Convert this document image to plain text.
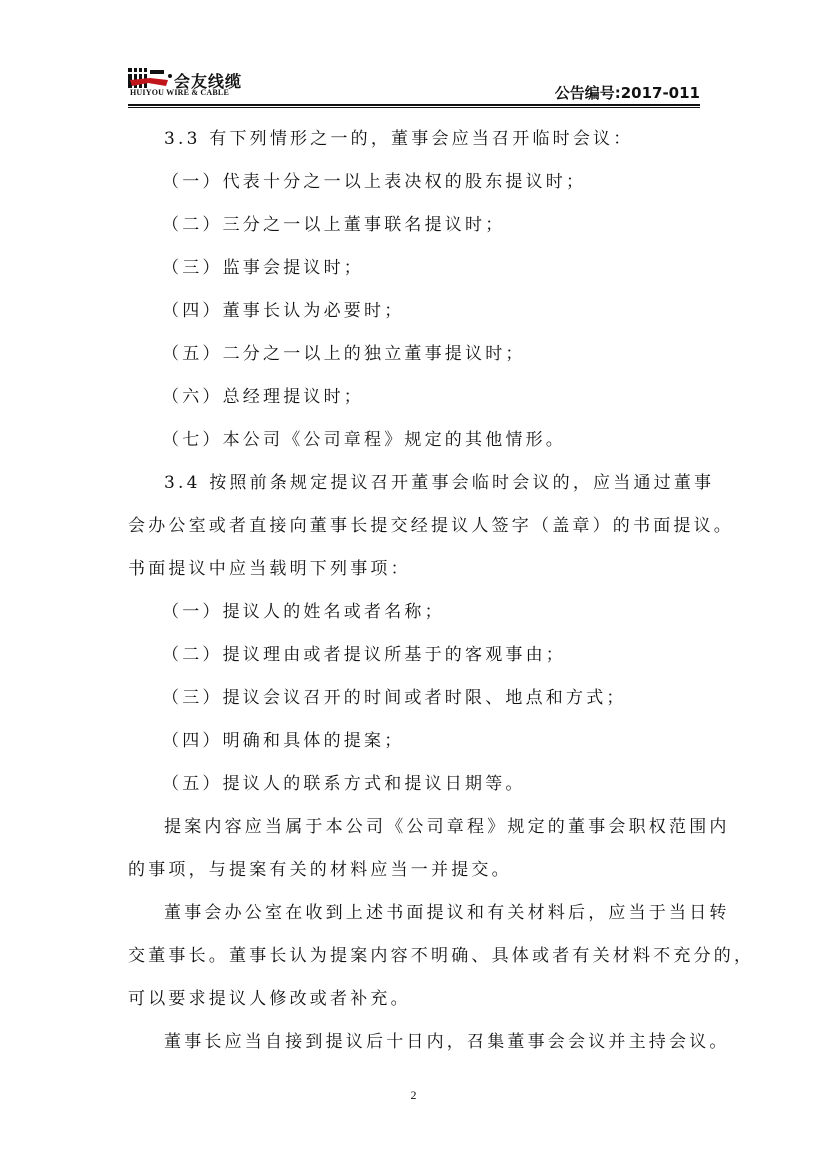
会友线缆
HUIYOU WIRE & CABLE	公告编号:2017-011

3.3 有下列情形之一的，董事会应当召开临时会议：

（一）代表十分之一以上表决权的股东提议时；

（二）三分之一以上董事联名提议时；

（三）监事会提议时；

（四）董事长认为必要时；

（五）二分之一以上的独立董事提议时；

（六）总经理提议时；

（七）本公司《公司章程》规定的其他情形。

3.4 按照前条规定提议召开董事会临时会议的，应当通过董事

会办公室或者直接向董事长提交经提议人签字（盖章）的书面提议。

书面提议中应当载明下列事项：

（一）提议人的姓名或者名称；

（二）提议理由或者提议所基于的客观事由；

（三）提议会议召开的时间或者时限、地点和方式；

（四）明确和具体的提案；

（五）提议人的联系方式和提议日期等。

提案内容应当属于本公司《公司章程》规定的董事会职权范围内

的事项，与提案有关的材料应当一并提交。

董事会办公室在收到上述书面提议和有关材料后，应当于当日转

交董事长。董事长认为提案内容不明确、具体或者有关材料不充分的，

可以要求提议人修改或者补充。

董事长应当自接到提议后十日内，召集董事会会议并主持会议。

2
